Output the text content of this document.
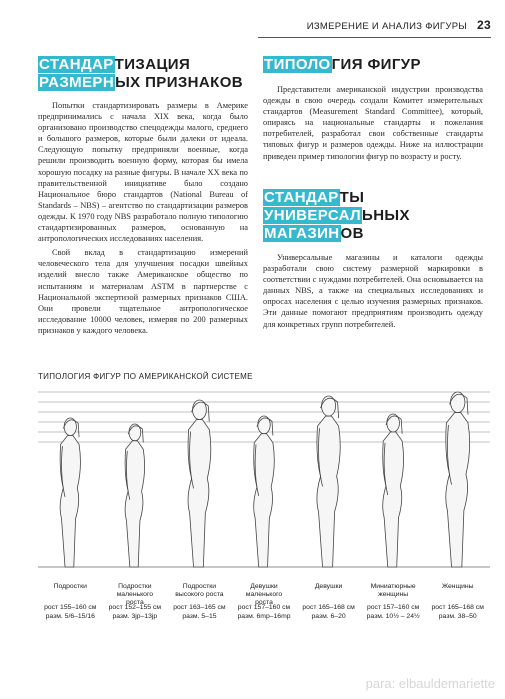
ИЗМЕРЕНИЕ И АНАЛИЗ ФИГУРЫ 23
СТАНДАРТИЗАЦИЯ
РАЗМЕРНЫХ ПРИЗНАКОВ
ТИПОЛОГИЯ ФИГУР

Попытки стандартизировать размеры в Америке предпринимались с начала XIX века, когда было организовано производство спецодежды малого, среднего и большого размеров, которые были далеки от идеала. Следующую попытку предприняли военные, когда решили производить военную форму, которая бы имела хорошую посадку на разные фигуры. В начале XX века по правительственной инициативе было создано Национальное бюро стандартов (National Bureau of Standards – NBS) – агентство по стандартизации размеров одежды. К 1970 году NBS разработало полную типологию стандартизированных размеров, основанную на антропологических исследованиях населения.

Свой вклад в стандартизацию измерений человеческого тела для улучшения посадки швейных изделий внесло также Американское общество по испытаниям и материалам ASTM в партнерстве с Национальной экспертизой размерных признаков США. Они провели тщательное антропологическое исследование 10000 человек, измеряя по 200 размерных признаков у каждого человека.

Представители американской индустрии производства одежды в свою очередь создали Комитет измерительных стандартов (Measurement Standard Committee), который, опираясь на национальные стандарты и пожелания потребителей, разработал свои собственные стандарты типовых фигур и размеров одежды. Ниже на иллюстрации приведен пример типологии фигур по возрасту и росту.

СТАНДАРТЫ
УНИВЕРСАЛЬНЫХ
МАГАЗИНОВ

Универсальные магазины и каталоги одежды разработали свою систему размерной маркировки в соответствии с нуждами потребителей. Она основывается на данных NBS, а также на специальных исследованиях и опросах населения с целью изучения размерных признаков. Эти данные помогают предприятиям производить одежду для конкретных групп потребителей.

ТИПОЛОГИЯ ФИГУР ПО АМЕРИКАНСКОЙ СИСТЕМЕ
Подростки
рост 155–160 см
разм. 5/6–15/16
Подростки маленького роста
рост 152–155 см
разм. 3jp–13jp
Подростки высокого роста
рост 163–165 см
разм. 5–15
Девушки маленького роста
рост 157–160 см
разм. 6mp–16mp
Девушки
рост 165–168 см
разм. 6–20
Миниатюрные женщины
рост 157–160 см
разм. 10½ – 24½
Женщины
рост 165–168 см
разм. 38–50
para: elbauldemariette
